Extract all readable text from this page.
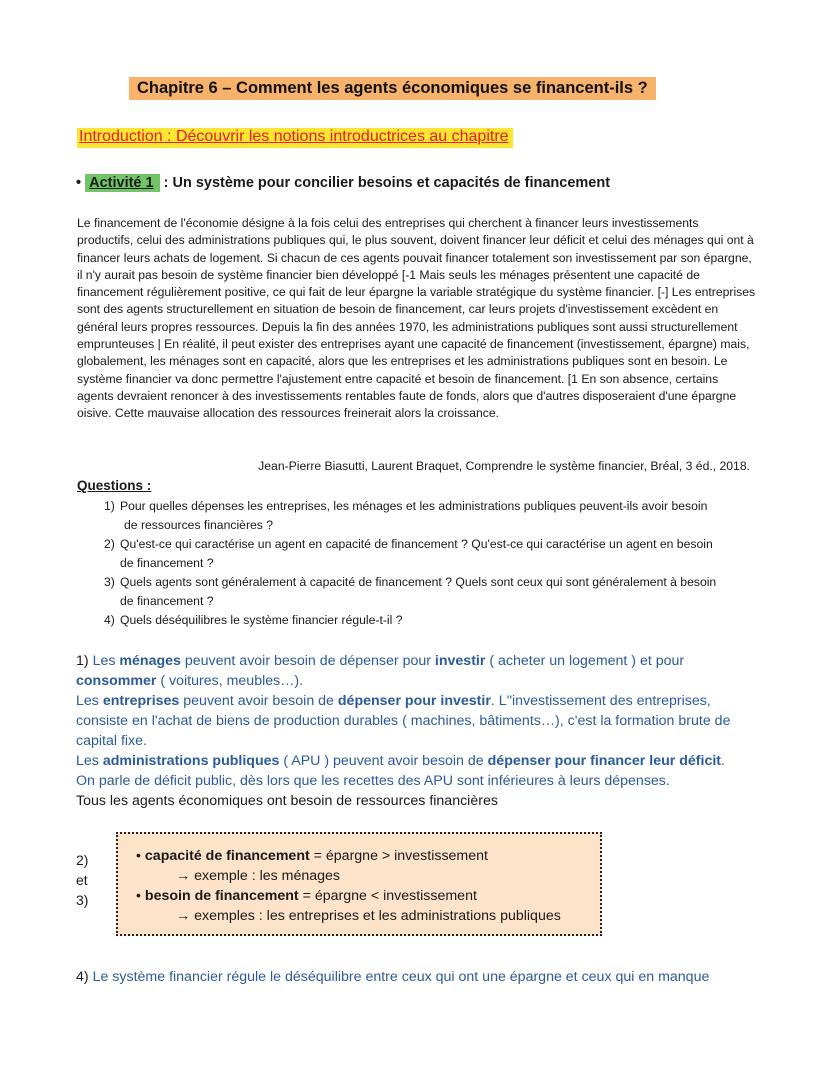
Chapitre 6 – Comment les agents économiques se financent-ils ?
Introduction : Découvrir les notions introductrices au chapitre
• Activité 1 : Un système pour concilier besoins et capacités de financement

Le financement de l'économie désigne à la fois celui des entreprises qui cherchent à financer leurs investissements productifs, celui des administrations publiques qui, le plus souvent, doivent financer leur déficit et celui des ménages qui ont à financer leurs achats de logement. Si chacun de ces agents pouvait financer totalement son investissement par son épargne, il n'y aurait pas besoin de système financier bien développé [-1 Mais seuls les ménages présentent une capacité de financement régulièrement positive, ce qui fait de leur épargne la variable stratégique du système financier. [-] Les entreprises sont des agents structurellement en situation de besoin de financement, car leurs projets d'investissement excèdent en général leurs propres ressources. Depuis la fin des années 1970, les administrations publiques sont aussi structurellement emprunteuses | En réalité, il peut exister des entreprises ayant une capacité de financement (investissement, épargne) mais, globalement, les ménages sont en capacité, alors que les entreprises et les administrations publiques sont en besoin. Le système financier va donc permettre l'ajustement entre capacité et besoin de financement. [1 En son absence, certains agents devraient renoncer à des investissements rentables faute de fonds, alors que d'autres disposeraient d'une épargne oisive. Cette mauvaise allocation des ressources freinerait alors la croissance.

Jean-Pierre Biasutti, Laurent Braquet, Comprendre le système financier, Bréal, 3 éd., 2018.
Questions :
1) Pour quelles dépenses les entreprises, les ménages et les administrations publiques peuvent-ils avoir besoin
de ressources financières ?
2) Qu'est-ce qui caractérise un agent en capacité de financement ? Qu'est-ce qui caractérise un agent en besoin
de financement ?
3) Quels agents sont généralement à capacité de financement ? Quels sont ceux qui sont généralement à besoin
de financement ?
4) Quels déséquilibres le système financier régule-t-il ?
1) Les ménages peuvent avoir besoin de dépenser pour investir ( acheter un logement ) et pour consommer ( voitures, meubles…).
Les entreprises peuvent avoir besoin de dépenser pour investir. L''investissement des entreprises, consiste en l'achat de biens de production durables ( machines, bâtiments…), c'est la formation brute de capital fixe.
Les administrations publiques ( APU ) peuvent avoir besoin de dépenser pour financer leur déficit.
On parle de déficit public, dès lors que les recettes des APU sont inférieures à leurs dépenses.
Tous les agents économiques ont besoin de ressources financières
2)
et
3)
• capacité de financement = épargne > investissement
→ exemple : les ménages
• besoin de financement = épargne < investissement
→ exemples : les entreprises et les administrations publiques
4) Le système financier régule le déséquilibre entre ceux qui ont une épargne et ceux qui en manque
